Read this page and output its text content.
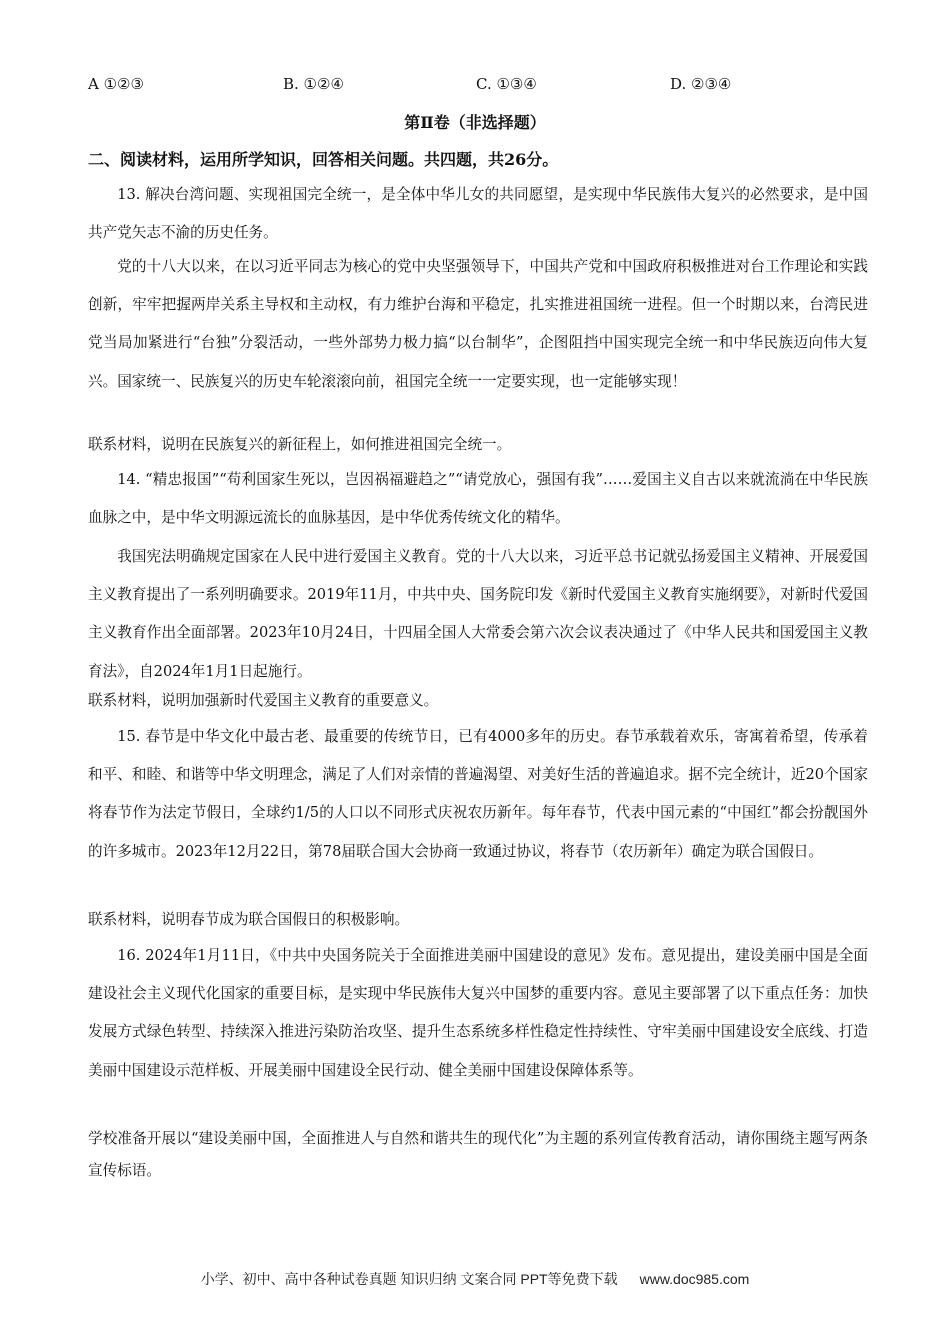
A ①②③	B. ①②④	C. ①③④	D. ②③④
第Ⅱ卷（非选择题）
二、阅读材料，运用所学知识，回答相关问题。共四题，共26分。
13. 解决台湾问题、实现祖国完全统一，是全体中华儿女的共同愿望，是实现中华民族伟大复兴的必然要求，是中国共产党矢志不渝的历史任务。
党的十八大以来，在以习近平同志为核心的党中央坚强领导下，中国共产党和中国政府积极推进对台工作理论和实践创新，牢牢把握两岸关系主导权和主动权，有力维护台海和平稳定，扎实推进祖国统一进程。但一个时期以来，台湾民进党当局加紧进行“台独”分裂活动，一些外部势力极力搞“以台制华”，企图阻挡中国实现完全统一和中华民族迈向伟大复兴。国家统一、民族复兴的历史车轮滚滚向前，祖国完全统一一定要实现，也一定能够实现！
联系材料，说明在民族复兴的新征程上，如何推进祖国完全统一。
14. “精忠报国”“苟利国家生死以，岂因祸福避趋之”“请党放心，强国有我”……爱国主义自古以来就流淌在中华民族血脉之中，是中华文明源远流长的血脉基因，是中华优秀传统文化的精华。
我国宪法明确规定国家在人民中进行爱国主义教育。党的十八大以来，习近平总书记就弘扬爱国主义精神、开展爱国主义教育提出了一系列明确要求。2019年11月，中共中央、国务院印发《新时代爱国主义教育实施纲要》，对新时代爱国主义教育作出全面部署。2023年10月24日，十四届全国人大常委会第六次会议表决通过了《中华人民共和国爱国主义教育法》，自2024年1月1日起施行。
联系材料，说明加强新时代爱国主义教育的重要意义。
15. 春节是中华文化中最古老、最重要的传统节日，已有4000多年的历史。春节承载着欢乐，寄寓着希望，传承着和平、和睦、和谐等中华文明理念，满足了人们对亲情的普遍渴望、对美好生活的普遍追求。据不完全统计，近20个国家将春节作为法定节假日，全球约1/5的人口以不同形式庆祝农历新年。每年春节，代表中国元素的“中国红”都会扮靓国外的许多城市。2023年12月22日，第78届联合国大会协商一致通过协议，将春节（农历新年）确定为联合国假日。
联系材料，说明春节成为联合国假日的积极影响。
16. 2024年1月11日，《中共中央国务院关于全面推进美丽中国建设的意见》发布。意见提出，建设美丽中国是全面建设社会主义现代化国家的重要目标，是实现中华民族伟大复兴中国梦的重要内容。意见主要部署了以下重点任务：加快发展方式绿色转型、持续深入推进污染防治攻坚、提升生态系统多样性稳定性持续性、守牢美丽中国建设安全底线、打造美丽中国建设示范样板、开展美丽中国建设全民行动、健全美丽中国建设保障体系等。
学校准备开展以“建设美丽中国，全面推进人与自然和谐共生的现代化”为主题的系列宣传教育活动，请你围绕主题写两条宣传标语。
小学、初中、高中各种试卷真题 知识归纳 文案合同 PPT等免费下载 www.doc985.com
